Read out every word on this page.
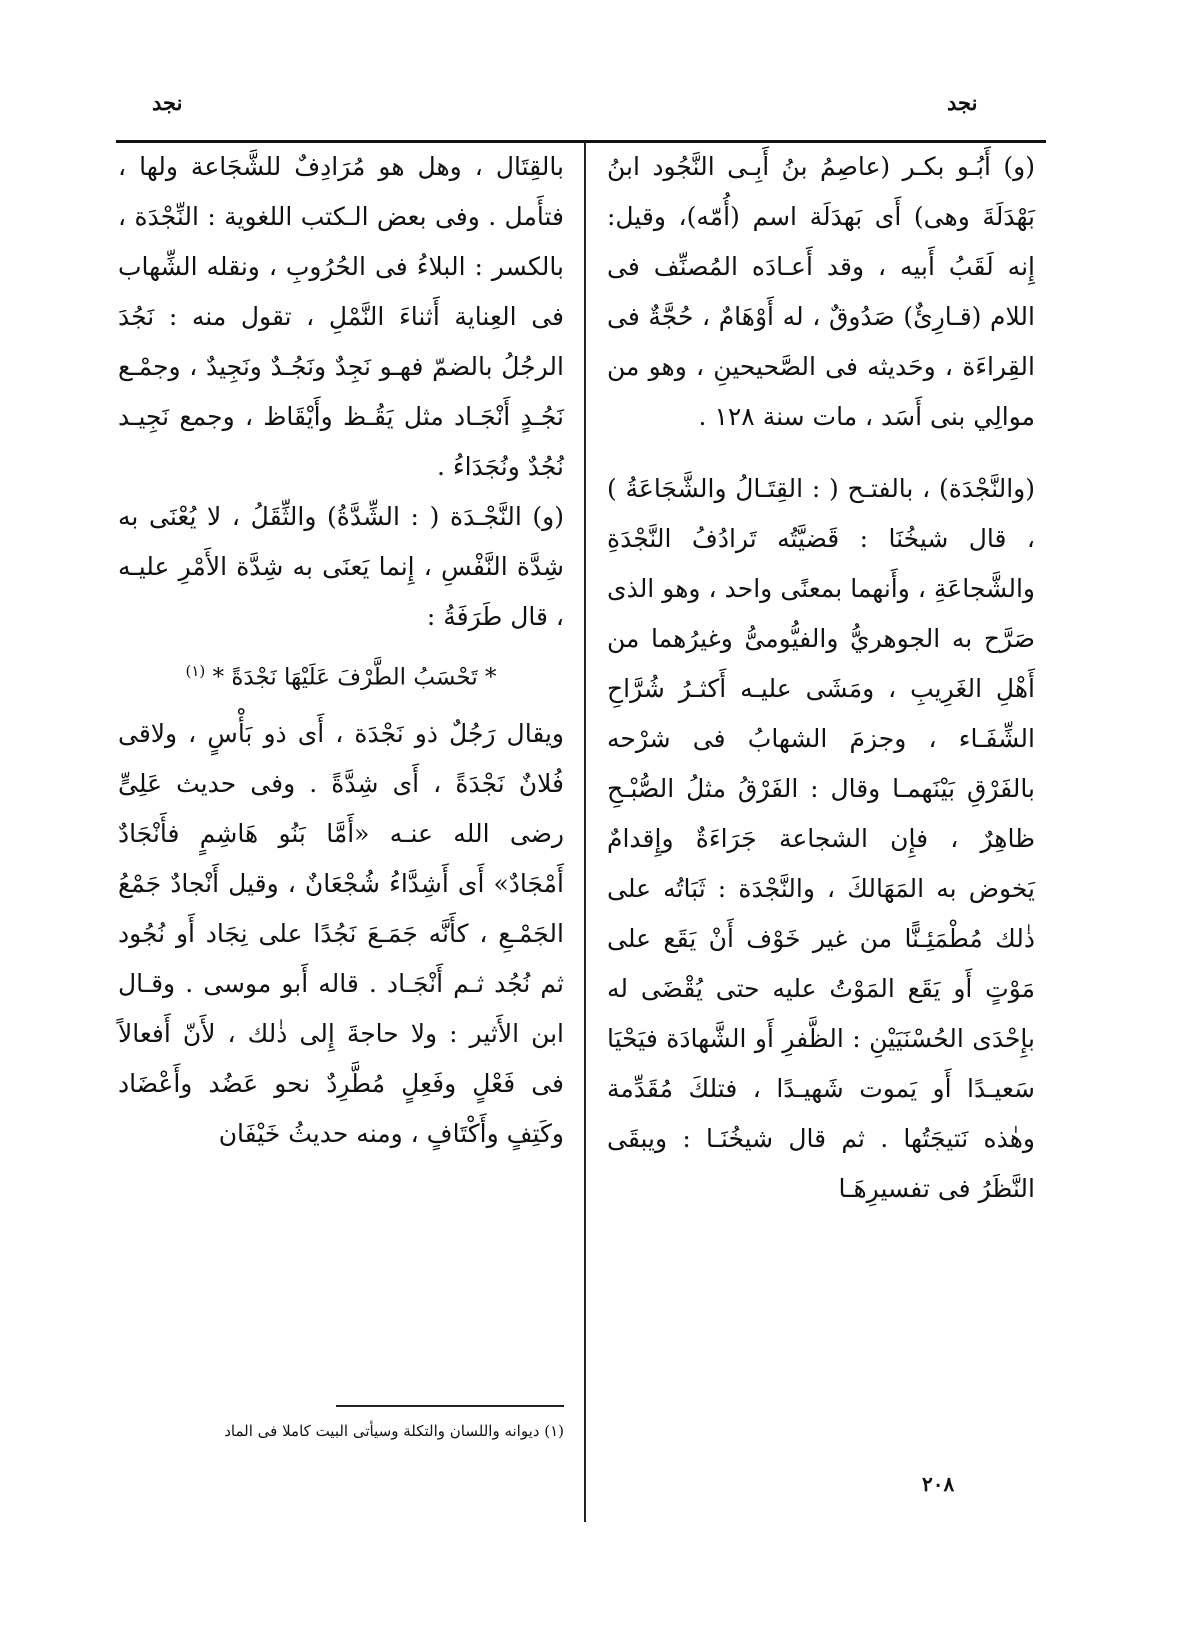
نجد
نجد

(و) أَبُـو بكـر (عاصِمُ بنُ أَبِـى النَّجُود ابنُ بَهْدَلَةَ وهى) أَى بَهدَلَة اسم (أُمّه)، وقيل: إِنه لَقَبُ أَبيه ، وقد أَعـادَه المُصنِّف فى اللام (قـارِئٌ) صَدُوقٌ ، له أَوْهَامٌ ، حُجَّةٌ فى القِراءَة ، وحَديثه فى الصَّحيحينِ ، وهو من موالِي بنى أَسَد ، مات سنة ١٢٨ .

(والنَّجْدَة) ، بالفتـح ( : القِتَـالُ والشَّجَاعَةُ ) ، قال شيخُنَا : قَضيَّتُه تَرادُفُ النَّجْدَةِ والشَّجاعَةِ ، وأَنهما بمعنًى واحد ، وهو الذى صَرَّح به الجوهريُّ والفيُّومىُّ وغيرُهما من أَهْلِ الغَرِيبِ ، ومَشَى عليـه أَكثـرُ شُرَّاحِ الشِّفَـاء ، وجزمَ الشهابُ فى شرْحه بالفَرْقِ بَيْنَهمـا وقال : الفَرْقُ مثلُ الصُّبْـحِ ظاهِرٌ ، فإِن الشجاعة جَرَاءَةٌ وإِقدامٌ يَخوض به المَهَالكَ ، والنَّجْدَة : ثَبَاتُه على ذٰلك مُطْمَئِـنًّا من غير خَوْف أَنْ يَقَع على مَوْتٍ أَو يَقَع المَوْتُ عليه حتى يُقْضَى له بإِحْدَى الحُسْنَيَيْنِ : الظَّفرِ أَو الشَّهادَة فيَحْيَا سَعيـدًا أَو يَموت شَهيـدًا ، فتلكَ مُقَدِّمة وهٰذه نَتيجَتُها . ثم قال شيخُنَـا : ويبقَى النَّظَرُ فى تفسيرِهَـا

بالقِتَال ، وهل هو مُرَادِفٌ للشَّجَاعة ولها ، فتأَمل . وفى بعض الـكتب اللغوية : النِّجْدَة ، بالكسر : البلاءُ فى الحُرُوبِ ، ونقله الشِّهاب فى العِناية أَثناءَ النَّمْلِ ، تقول منه : نَجُدَ الرجُلُ بالضمّ فهـو نَجِدٌ ونَجُـدٌ ونَجِيدٌ ، وجمْـع نَجُـدٍ أَنْجَـاد مثل يَقُـظ وأَيْقَاظ ، وجمع نَجِيـد نُجُدٌ ونُجَدَاءُ .

(و) النَّجْـدَة ( : الشِّدَّةُ) والثِّقَلُ ، لا يُعْنَى به شِدَّة النَّفْسِ ، إِنما يَعنَى به شِدَّة الأَمْرِ عليـه ، قال طَرَفَةُ :

* تَحْسَبُ الطَّرْفَ عَلَيْهَا نَجْدَةً * $^{(١)}$

ويقال رَجُلٌ ذو نَجْدَة ، أَى ذو بَأْسٍ ، ولاقى فُلانٌ نَجْدَةً ، أَى شِدَّةً . وفى حديث عَلِىٍّ رضى الله عنـه «أَمَّا بَنُو هَاشِمٍ فأَنْجَادٌ أَمْجَادٌ» أَى أَشِدَّاءُ شُجْعَانٌ ، وقيل أَنْجادٌ جَمْعُ الجَمْـعِ ، كأَنَّه جَمَـعَ نَجُدًا على نِجَاد أَو نُجُود ثم نُجُد ثـم أَنْجَـاد . قاله أَبو موسى . وقـال ابن الأَثير : ولا حاجةَ إِلى ذٰلك ، لأَنّ أَفعالاً فى فَعْلٍ وفَعِلٍ مُطَّرِدٌ نحو عَضُد وأَعْضَاد وكَتِفٍ وأَكْتَافٍ ، ومنه حديثُ خَيْفَان

(١) ديوانه واللسان والتكلة وسيأتى البيت كاملا فى الماد
٢٠٨
